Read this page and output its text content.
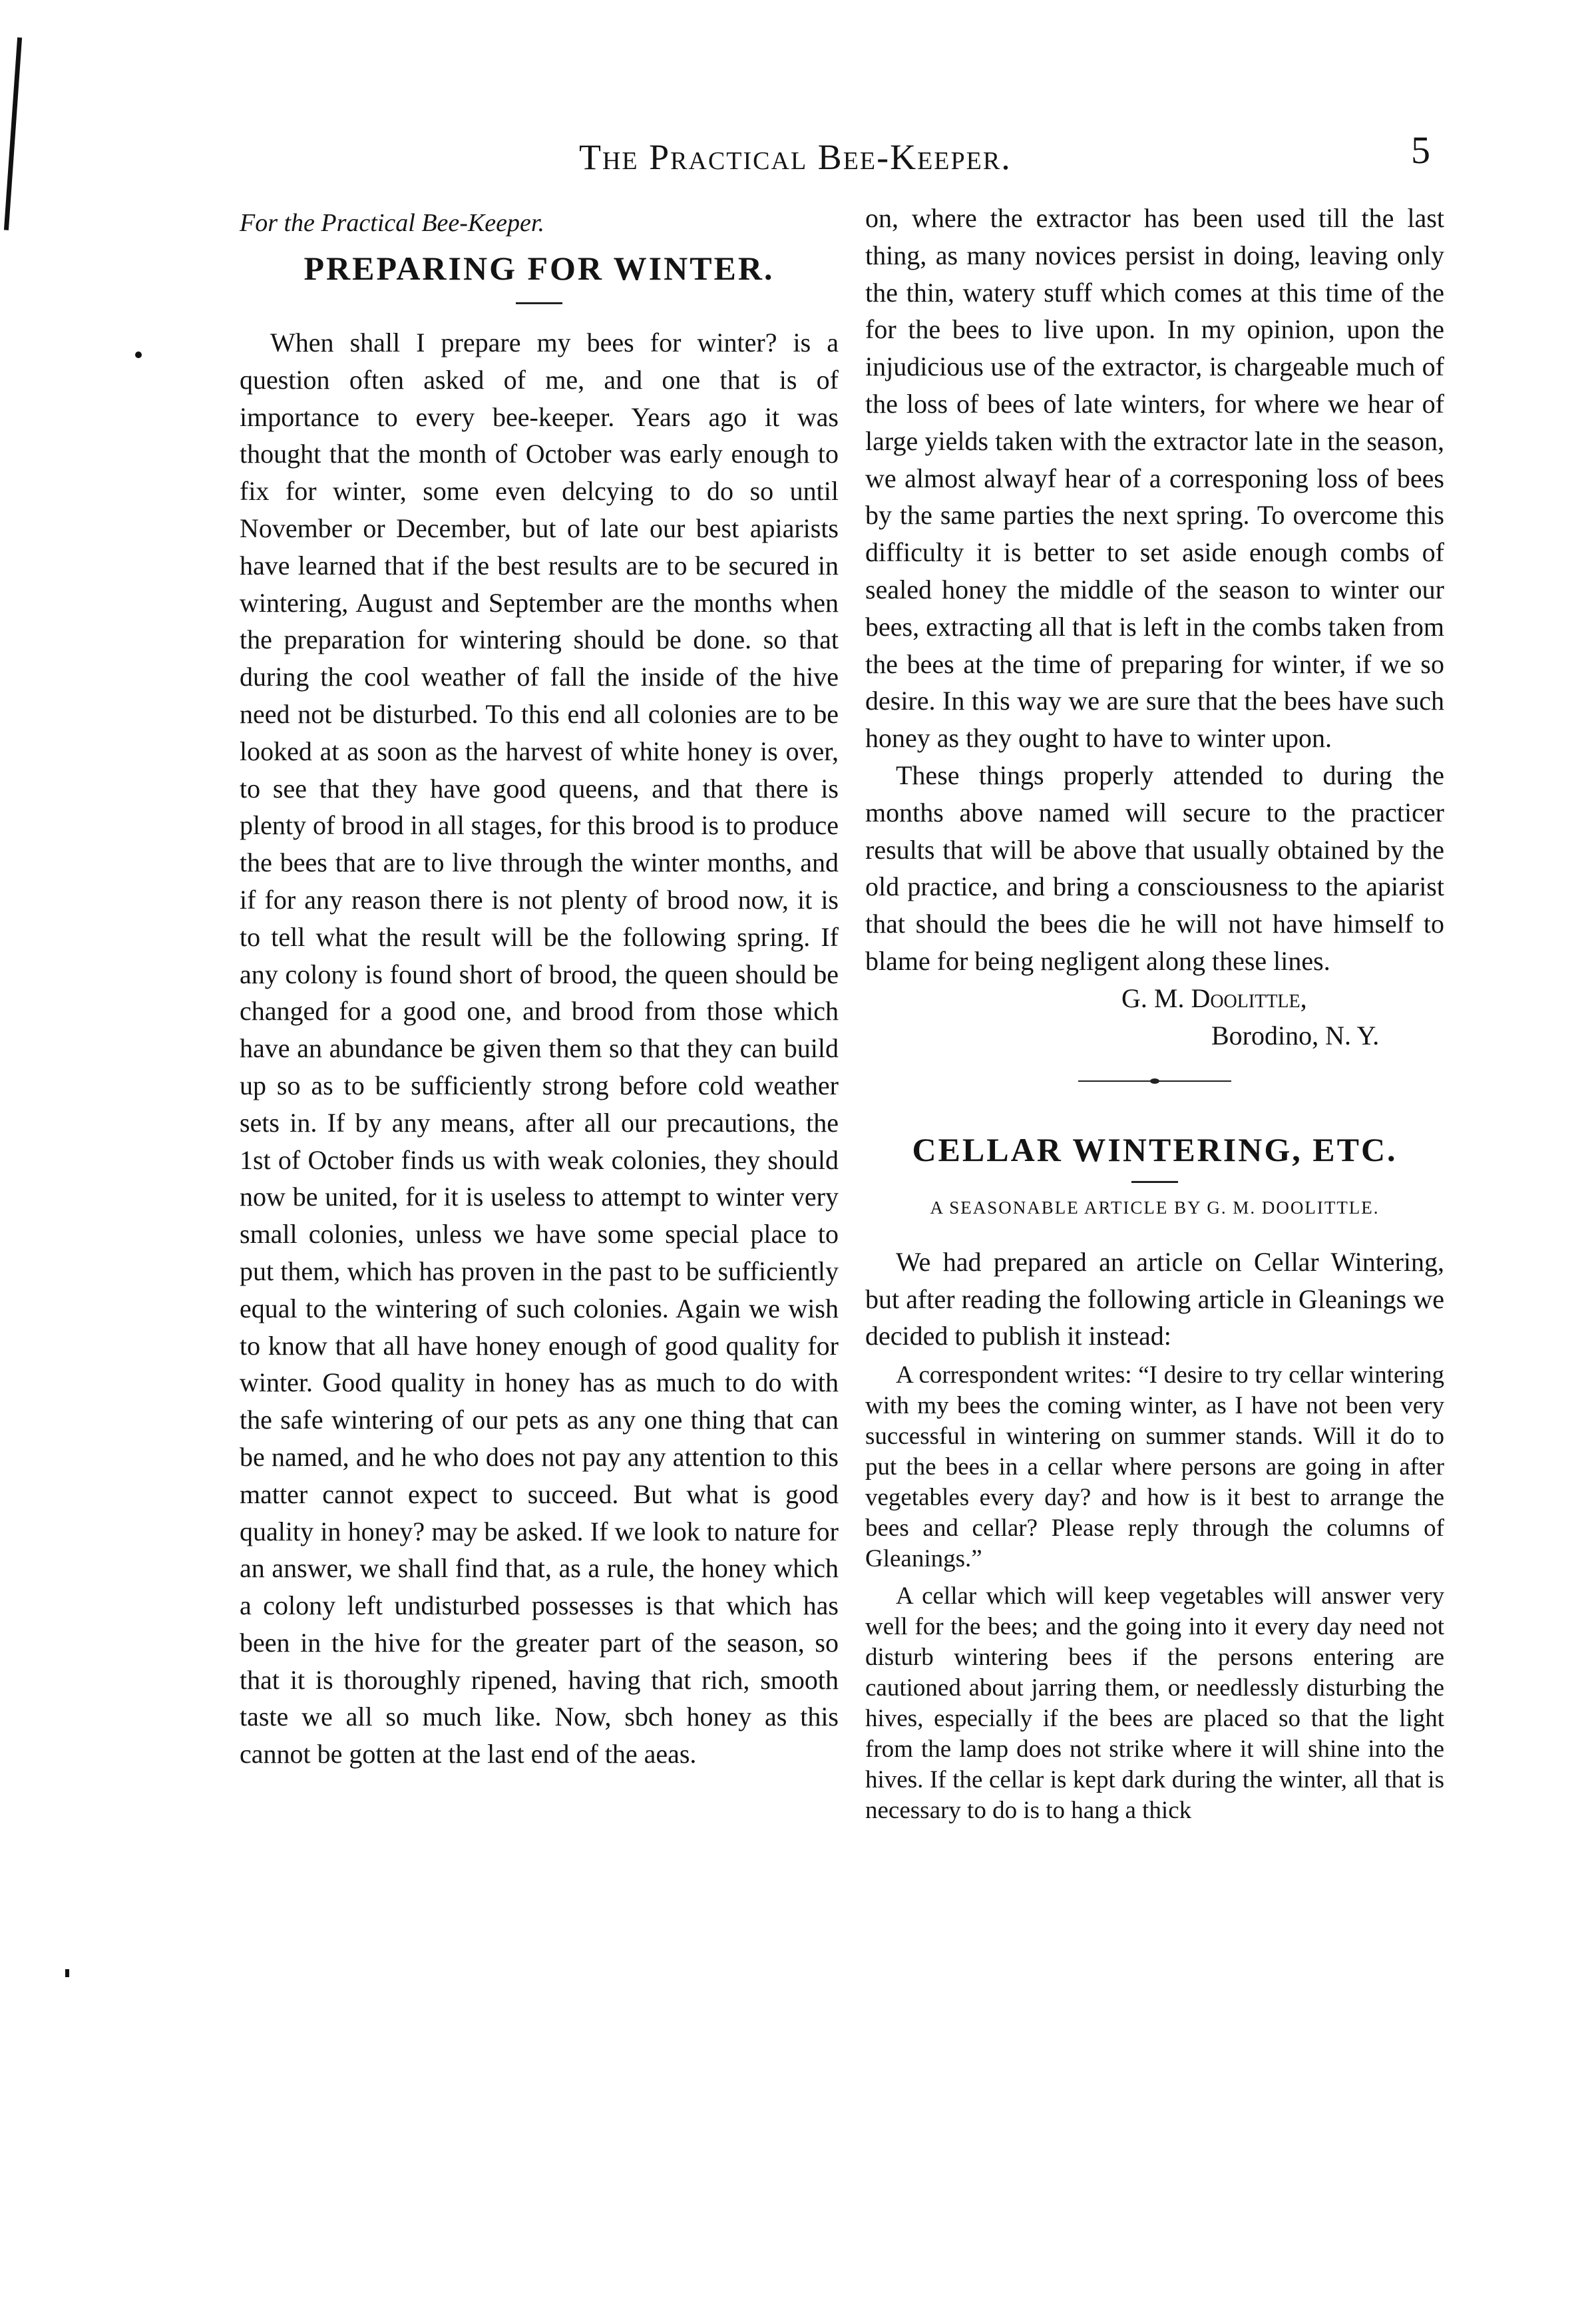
The Practical Bee-Keeper.	5
For the Practical Bee-Keeper.
PREPARING FOR WINTER.

When shall I prepare my bees for winter? is a question often asked of me, and one that is of importance to every bee-keeper. Years ago it was thought that the month of October was early enough to fix for winter, some even delcying to do so until November or December, but of late our best apiarists have learned that if the best results are to be secured in wintering, August and September are the months when the preparation for wintering should be done. so that during the cool weather of fall the inside of the hive need not be disturbed. To this end all colonies are to be looked at as soon as the harvest of white honey is over, to see that they have good queens, and that there is plenty of brood in all stages, for this brood is to produce the bees that are to live through the winter months, and if for any reason there is not plenty of brood now, it is to tell what the result will be the following spring. If any colony is found short of brood, the queen should be changed for a good one, and brood from those which have an abundance be given them so that they can build up so as to be sufficiently strong before cold weather sets in. If by any means, after all our precautions, the 1st of October finds us with weak colonies, they should now be united, for it is useless to attempt to winter very small colonies, unless we have some special place to put them, which has proven in the past to be sufficiently equal to the wintering of such colonies. Again we wish to know that all have honey enough of good quality for winter. Good quality in honey has as much to do with the safe wintering of our pets as any one thing that can be named, and he who does not pay any attention to this matter cannot expect to succeed. But what is good quality in honey? may be asked. If we look to nature for an answer, we shall find that, as a rule, the honey which a colony left undisturbed possesses is that which has been in the hive for the greater part of the season, so that it is thoroughly ripened, having that rich, smooth taste we all so much like. Now, sbch honey as this cannot be gotten at the last end of the aeas.

on, where the extractor has been used till the last thing, as many novices persist in doing, leaving only the thin, watery stuff which comes at this time of the for the bees to live upon. In my opinion, upon the injudicious use of the extractor, is chargeable much of the loss of bees of late winters, for where we hear of large yields taken with the extractor late in the season, we almost alwayf hear of a corresponing loss of bees by the same parties the next spring. To overcome this difficulty it is better to set aside enough combs of sealed honey the middle of the season to winter our bees, extracting all that is left in the combs taken from the bees at the time of preparing for winter, if we so desire. In this way we are sure that the bees have such honey as they ought to have to winter upon.

These things properly attended to during the months above named will secure to the practicer results that will be above that usually obtained by the old practice, and bring a consciousness to the apiarist that should the bees die he will not have himself to blame for being negligent along these lines.

G. M. Doolittle,
Borodino, N. Y.
CELLAR WINTERING, ETC.
A SEASONABLE ARTICLE BY G. M. DOOLITTLE.

We had prepared an article on Cellar Wintering, but after reading the following article in Gleanings we decided to publish it instead:

A correspondent writes: “I desire to try cellar wintering with my bees the coming winter, as I have not been very successful in wintering on summer stands. Will it do to put the bees in a cellar where persons are going in after vegetables every day? and how is it best to arrange the bees and cellar? Please reply through the columns of Gleanings.”

A cellar which will keep vegetables will answer very well for the bees; and the going into it every day need not disturb wintering bees if the persons entering are cautioned about jarring them, or needlessly disturbing the hives, especially if the bees are placed so that the light from the lamp does not strike where it will shine into the hives. If the cellar is kept dark during the winter, all that is necessary to do is to hang a thick
